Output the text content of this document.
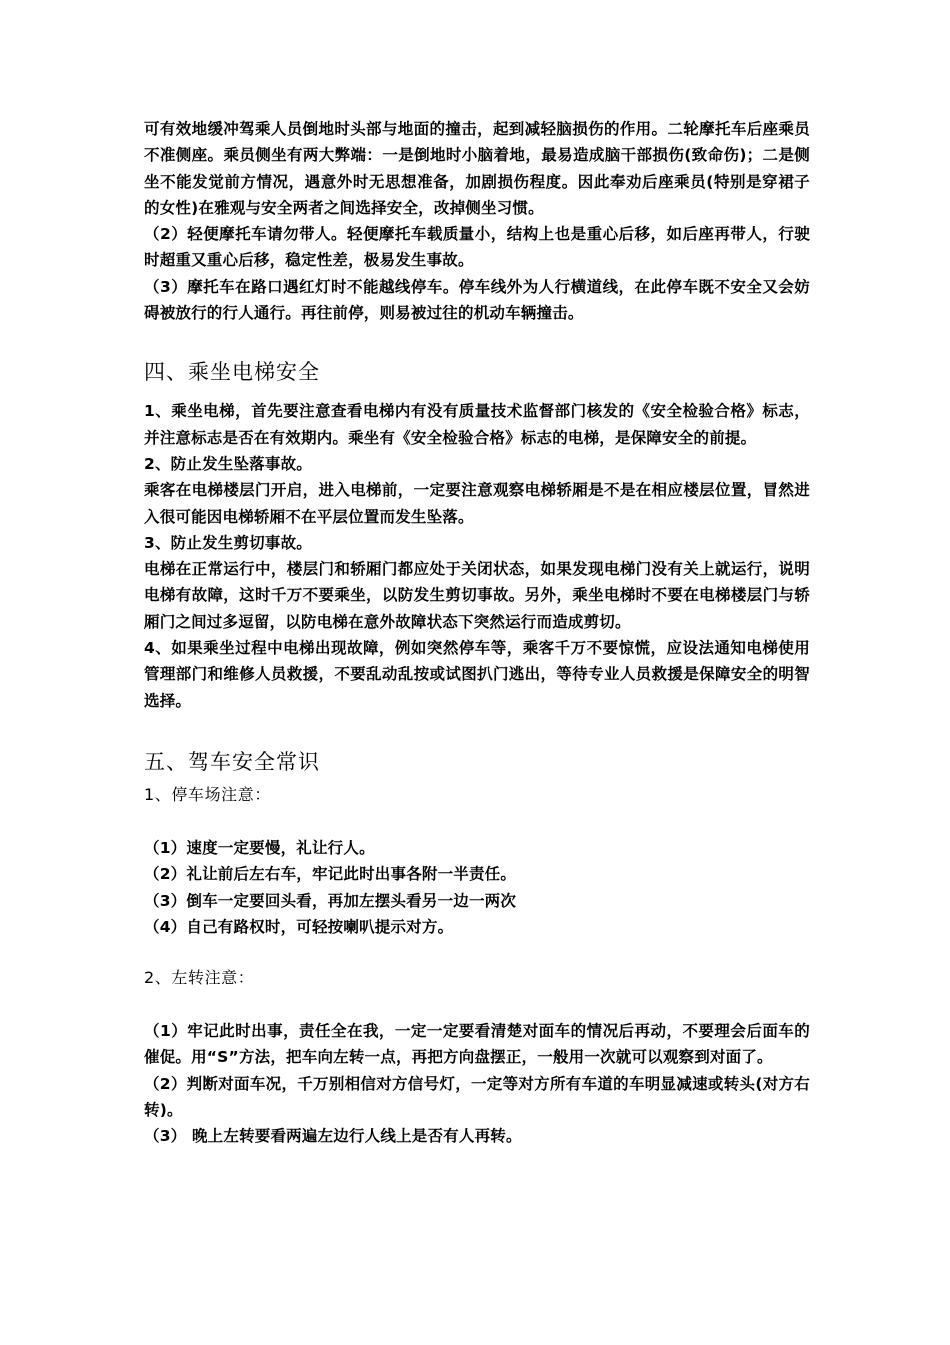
可有效地缓冲驾乘人员倒地时头部与地面的撞击，起到减轻脑损伤的作用。二轮摩托车后座乘员不准侧座。乘员侧坐有两大弊端：一是倒地时小脑着地，最易造成脑干部损伤(致命伤)；二是侧坐不能发觉前方情况，遇意外时无思想准备，加剧损伤程度。因此奉劝后座乘员(特别是穿裙子的女性)在雅观与安全两者之间选择安全，改掉侧坐习惯。

（2）轻便摩托车请勿带人。轻便摩托车载质量小，结构上也是重心后移，如后座再带人，行驶时超重又重心后移，稳定性差，极易发生事故。

（3）摩托车在路口遇红灯时不能越线停车。停车线外为人行横道线，在此停车既不安全又会妨碍被放行的行人通行。再往前停，则易被过往的机动车辆撞击。

四、乘坐电梯安全

1、乘坐电梯，首先要注意查看电梯内有没有质量技术监督部门核发的《安全检验合格》标志，并注意标志是否在有效期内。乘坐有《安全检验合格》标志的电梯，是保障安全的前提。

2、防止发生坠落事故。

乘客在电梯楼层门开启，进入电梯前，一定要注意观察电梯轿厢是不是在相应楼层位置，冒然进入很可能因电梯轿厢不在平层位置而发生坠落。

3、防止发生剪切事故。

电梯在正常运行中，楼层门和轿厢门都应处于关闭状态，如果发现电梯门没有关上就运行，说明电梯有故障，这时千万不要乘坐，以防发生剪切事故。另外，乘坐电梯时不要在电梯楼层门与轿厢门之间过多逗留，以防电梯在意外故障状态下突然运行而造成剪切。

4、如果乘坐过程中电梯出现故障，例如突然停车等，乘客千万不要惊慌，应设法通知电梯使用管理部门和维修人员救援，不要乱动乱按或试图扒门逃出，等待专业人员救援是保障安全的明智选择。

五、驾车安全常识

1、停车场注意：

（1）速度一定要慢，礼让行人。

（2）礼让前后左右车，牢记此时出事各附一半责任。

（3）倒车一定要回头看，再加左摆头看另一边一两次

（4）自己有路权时，可轻按喇叭提示对方。

2、左转注意：

（1）牢记此时出事，责任全在我，一定一定要看清楚对面车的情况后再动，不要理会后面车的催促。用“S”方法，把车向左转一点，再把方向盘摆正，一般用一次就可以观察到对面了。

（2）判断对面车况，千万别相信对方信号灯，一定等对方所有车道的车明显减速或转头(对方右转)。

（3） 晚上左转要看两遍左边行人线上是否有人再转。
